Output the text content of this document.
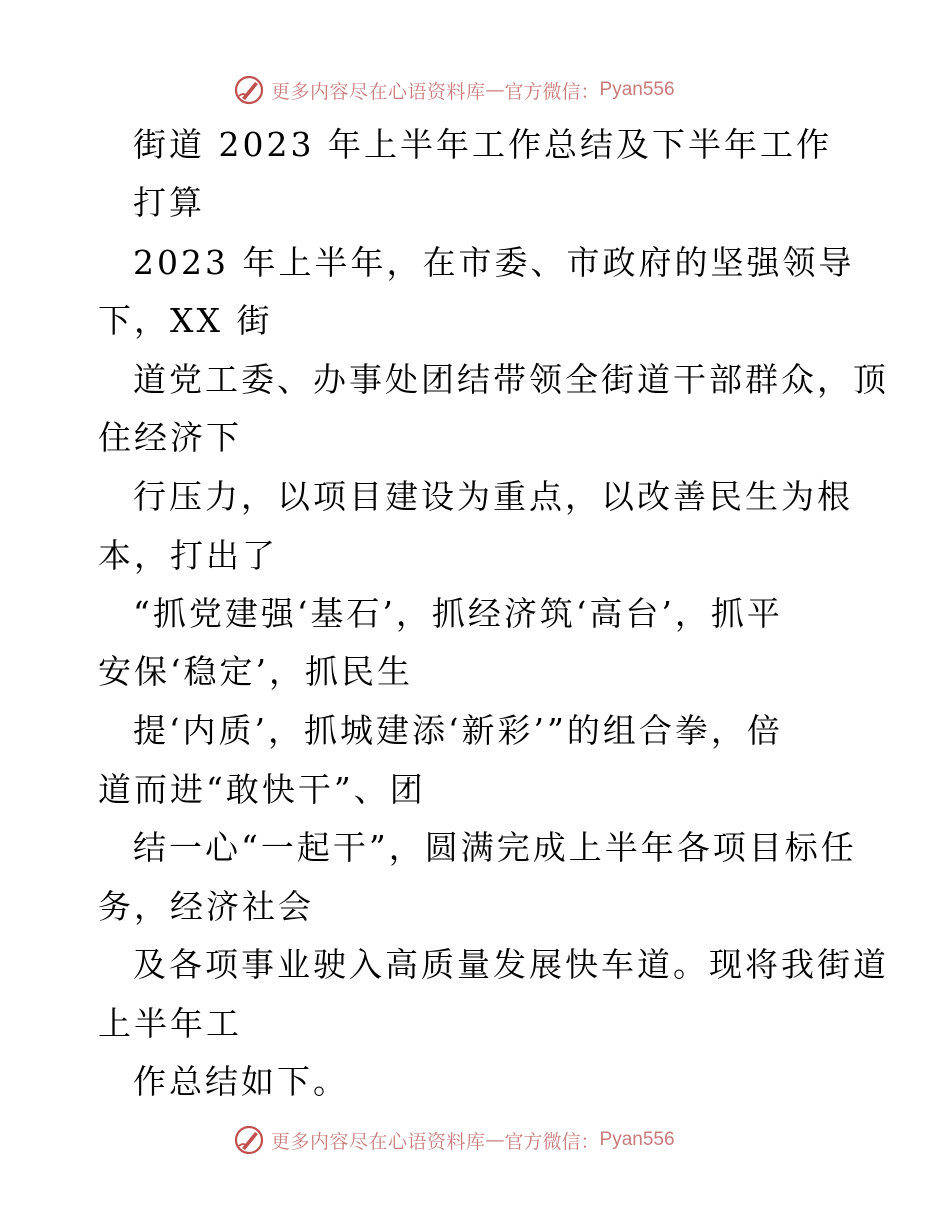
更多内容尽在心语资料库 — 官方微信： Pyan556
街道 2023 年上半年工作总结及下半年工作
打算
2023 年上半年，在市委、市政府的坚强领导
下，XX 街
道党工委、办事处团结带领全街道干部群众，顶
住经济下
行压力，以项目建设为重点，以改善民生为根
本，打出了
“抓党建强‘基石’，抓经济筑‘高台’，抓平
安保‘稳定’，抓民生
提‘内质’，抓城建添‘新彩’”的组合拳，倍
道而进“敢快干”、团
结一心“一起干”，圆满完成上半年各项目标任
务，经济社会
及各项事业驶入高质量发展快车道。现将我街道
上半年工
作总结如下。
更多内容尽在心语资料库 — 官方微信： Pyan556
